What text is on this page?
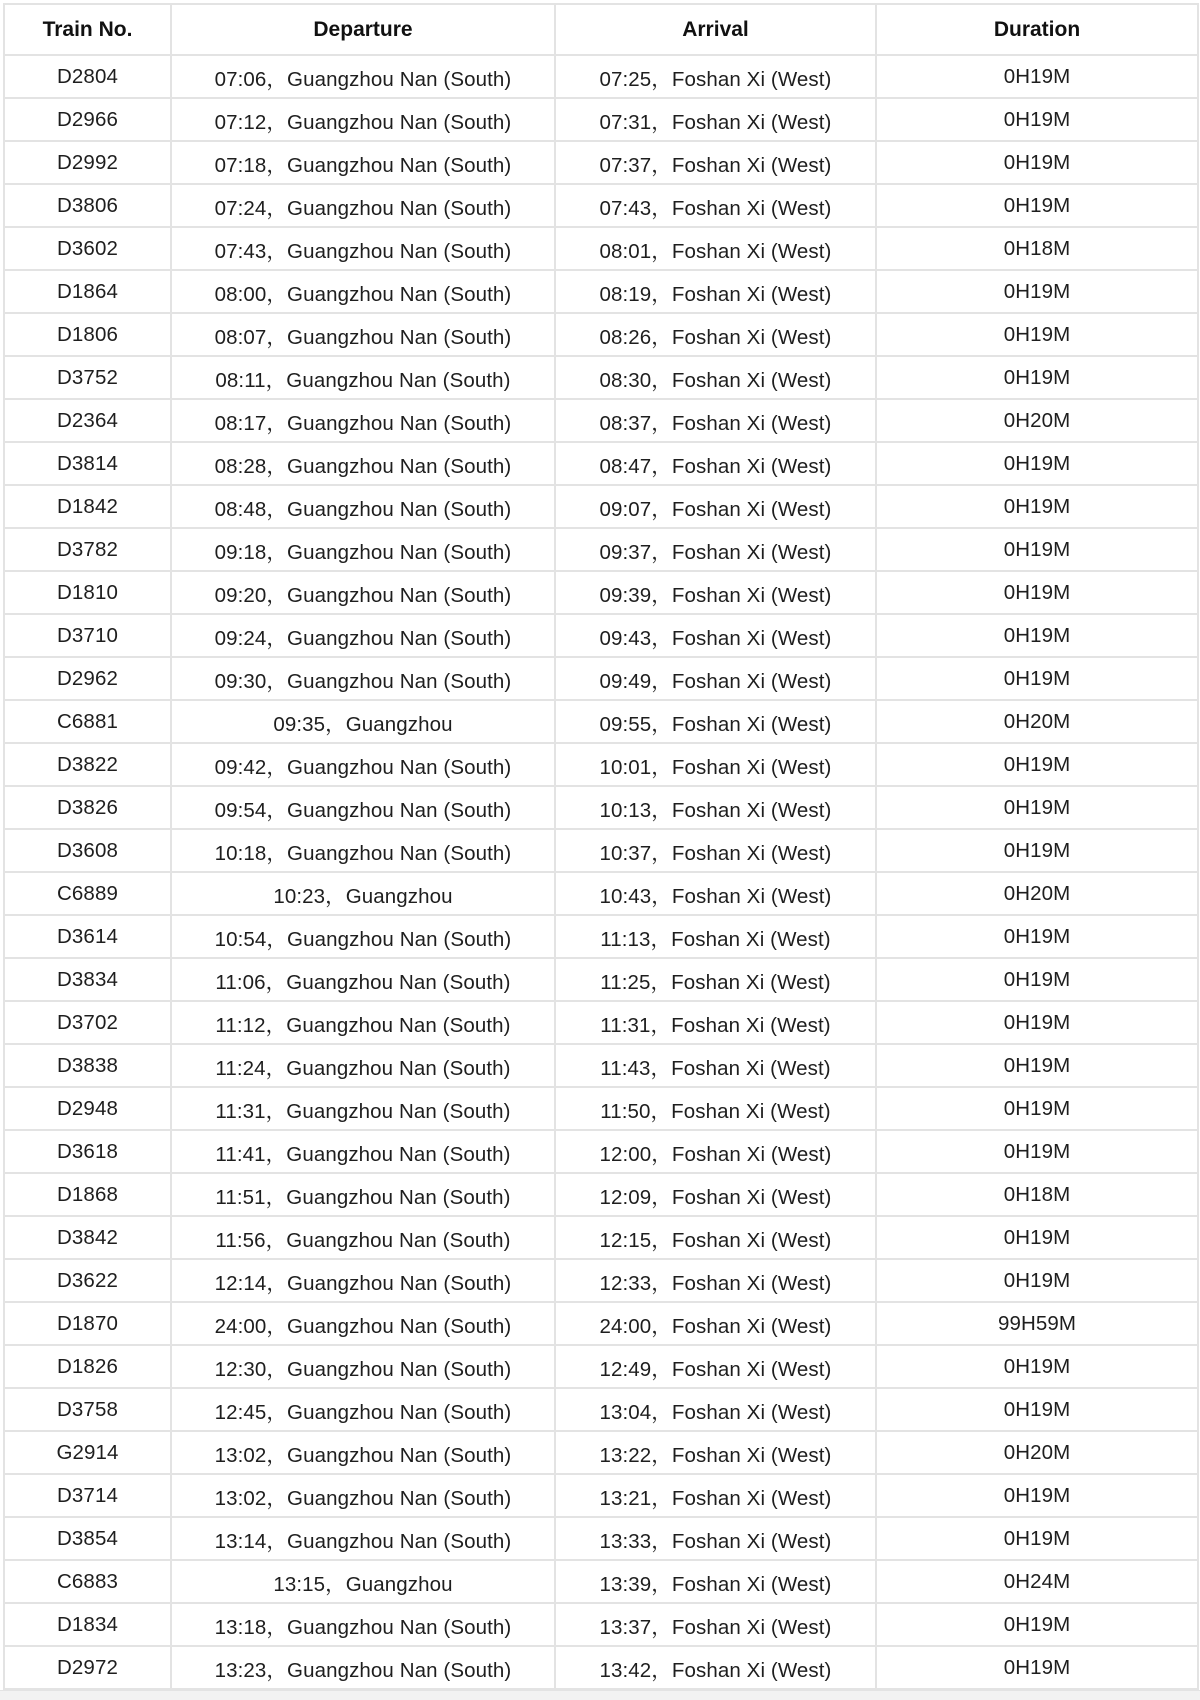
Train No.	Departure	Arrival	Duration
D2804	07:06，Guangzhou Nan (South)	07:25，Foshan Xi (West)	0H19M
D2966	07:12，Guangzhou Nan (South)	07:31，Foshan Xi (West)	0H19M
D2992	07:18，Guangzhou Nan (South)	07:37，Foshan Xi (West)	0H19M
D3806	07:24，Guangzhou Nan (South)	07:43，Foshan Xi (West)	0H19M
D3602	07:43，Guangzhou Nan (South)	08:01，Foshan Xi (West)	0H18M
D1864	08:00，Guangzhou Nan (South)	08:19，Foshan Xi (West)	0H19M
D1806	08:07，Guangzhou Nan (South)	08:26，Foshan Xi (West)	0H19M
D3752	08:11，Guangzhou Nan (South)	08:30，Foshan Xi (West)	0H19M
D2364	08:17，Guangzhou Nan (South)	08:37，Foshan Xi (West)	0H20M
D3814	08:28，Guangzhou Nan (South)	08:47，Foshan Xi (West)	0H19M
D1842	08:48，Guangzhou Nan (South)	09:07，Foshan Xi (West)	0H19M
D3782	09:18，Guangzhou Nan (South)	09:37，Foshan Xi (West)	0H19M
D1810	09:20，Guangzhou Nan (South)	09:39，Foshan Xi (West)	0H19M
D3710	09:24，Guangzhou Nan (South)	09:43，Foshan Xi (West)	0H19M
D2962	09:30，Guangzhou Nan (South)	09:49，Foshan Xi (West)	0H19M
C6881	09:35，Guangzhou	09:55，Foshan Xi (West)	0H20M
D3822	09:42，Guangzhou Nan (South)	10:01，Foshan Xi (West)	0H19M
D3826	09:54，Guangzhou Nan (South)	10:13，Foshan Xi (West)	0H19M
D3608	10:18，Guangzhou Nan (South)	10:37，Foshan Xi (West)	0H19M
C6889	10:23，Guangzhou	10:43，Foshan Xi (West)	0H20M
D3614	10:54，Guangzhou Nan (South)	11:13，Foshan Xi (West)	0H19M
D3834	11:06，Guangzhou Nan (South)	11:25，Foshan Xi (West)	0H19M
D3702	11:12，Guangzhou Nan (South)	11:31，Foshan Xi (West)	0H19M
D3838	11:24，Guangzhou Nan (South)	11:43，Foshan Xi (West)	0H19M
D2948	11:31，Guangzhou Nan (South)	11:50，Foshan Xi (West)	0H19M
D3618	11:41，Guangzhou Nan (South)	12:00，Foshan Xi (West)	0H19M
D1868	11:51，Guangzhou Nan (South)	12:09，Foshan Xi (West)	0H18M
D3842	11:56，Guangzhou Nan (South)	12:15，Foshan Xi (West)	0H19M
D3622	12:14，Guangzhou Nan (South)	12:33，Foshan Xi (West)	0H19M
D1870	24:00，Guangzhou Nan (South)	24:00，Foshan Xi (West)	99H59M
D1826	12:30，Guangzhou Nan (South)	12:49，Foshan Xi (West)	0H19M
D3758	12:45，Guangzhou Nan (South)	13:04，Foshan Xi (West)	0H19M
G2914	13:02，Guangzhou Nan (South)	13:22，Foshan Xi (West)	0H20M
D3714	13:02，Guangzhou Nan (South)	13:21，Foshan Xi (West)	0H19M
D3854	13:14，Guangzhou Nan (South)	13:33，Foshan Xi (West)	0H19M
C6883	13:15，Guangzhou	13:39，Foshan Xi (West)	0H24M
D1834	13:18，Guangzhou Nan (South)	13:37，Foshan Xi (West)	0H19M
D2972	13:23，Guangzhou Nan (South)	13:42，Foshan Xi (West)	0H19M
